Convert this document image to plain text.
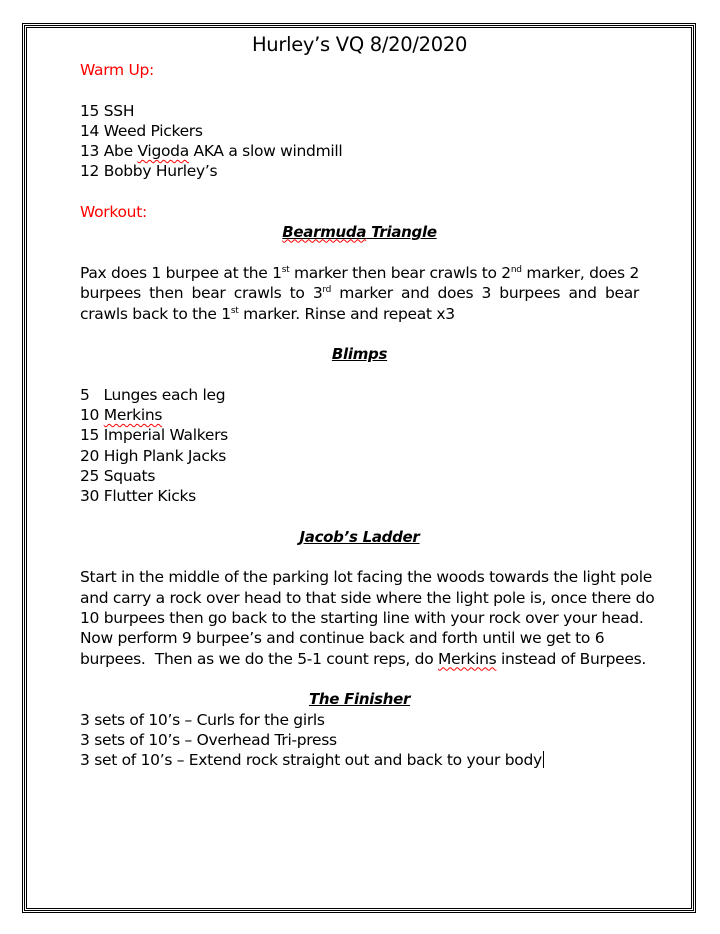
Hurley’s VQ 8/20/2020
Warm Up:
15 SSH
14 Weed Pickers
13 Abe Vigoda AKA a slow windmill
12 Bobby Hurley’s
Workout:
Bearmuda Triangle
Pax does 1 burpee at the 1st marker then bear crawls to 2nd marker, does 2 burpees then bear crawls to 3rd marker and does 3 burpees and bear crawls back to the 1st marker. Rinse and repeat x3
Blimps
5   Lunges each leg
10 Merkins
15 Imperial Walkers
20 High Plank Jacks
25 Squats
30 Flutter Kicks
Jacob’s Ladder
Start in the middle of the parking lot facing the woods towards the light pole
and carry a rock over head to that side where the light pole is, once there do
10 burpees then go back to the starting line with your rock over your head.
Now perform 9 burpee’s and continue back and forth until we get to 6
burpees.  Then as we do the 5-1 count reps, do Merkins instead of Burpees.
The Finisher
3 sets of 10’s – Curls for the girls
3 sets of 10’s – Overhead Tri-press
3 set of 10’s – Extend rock straight out and back to your body
